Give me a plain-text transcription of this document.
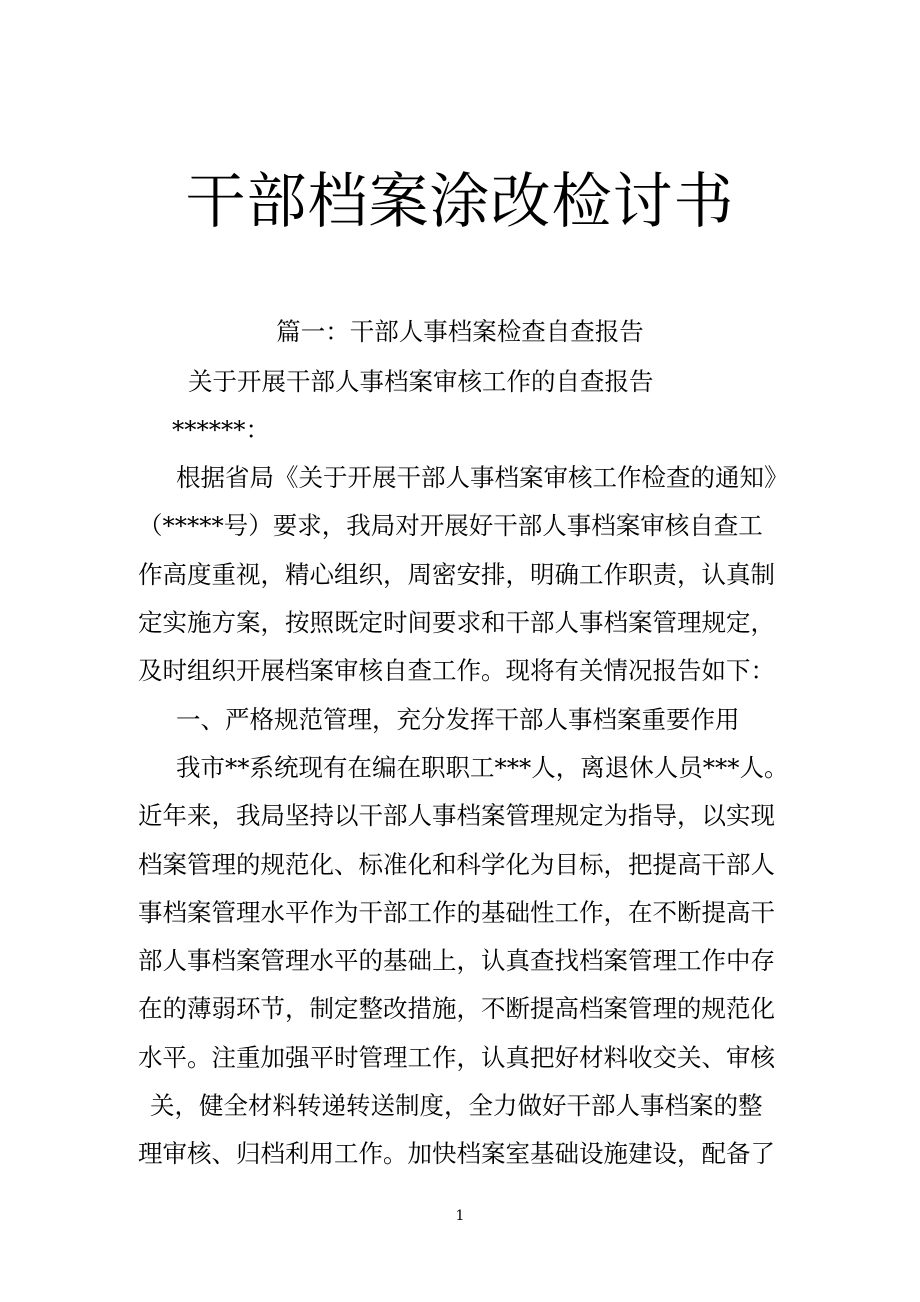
干部档案涂改检讨书
篇一：干部人事档案检查自查报告
关于开展干部人事档案审核工作的自查报告
******：
根据省局《关于开展干部人事档案审核工作检查的通知》
（*****号）要求，我局对开展好干部人事档案审核自查工
作高度重视，精心组织，周密安排，明确工作职责，认真制
定实施方案，按照既定时间要求和干部人事档案管理规定，
及时组织开展档案审核自查工作。现将有关情况报告如下：
一、严格规范管理，充分发挥干部人事档案重要作用
我市**系统现有在编在职职工***人，离退休人员***人。
近年来，我局坚持以干部人事档案管理规定为指导，以实现
档案管理的规范化、标准化和科学化为目标，把提高干部人
事档案管理水平作为干部工作的基础性工作，在不断提高干
部人事档案管理水平的基础上，认真查找档案管理工作中存
在的薄弱环节，制定整改措施，不断提高档案管理的规范化
水平。注重加强平时管理工作，认真把好材料收交关、审核
关，健全材料转递转送制度，全力做好干部人事档案的整
理审核、归档利用工作。加快档案室基础设施建设，配备了
1
